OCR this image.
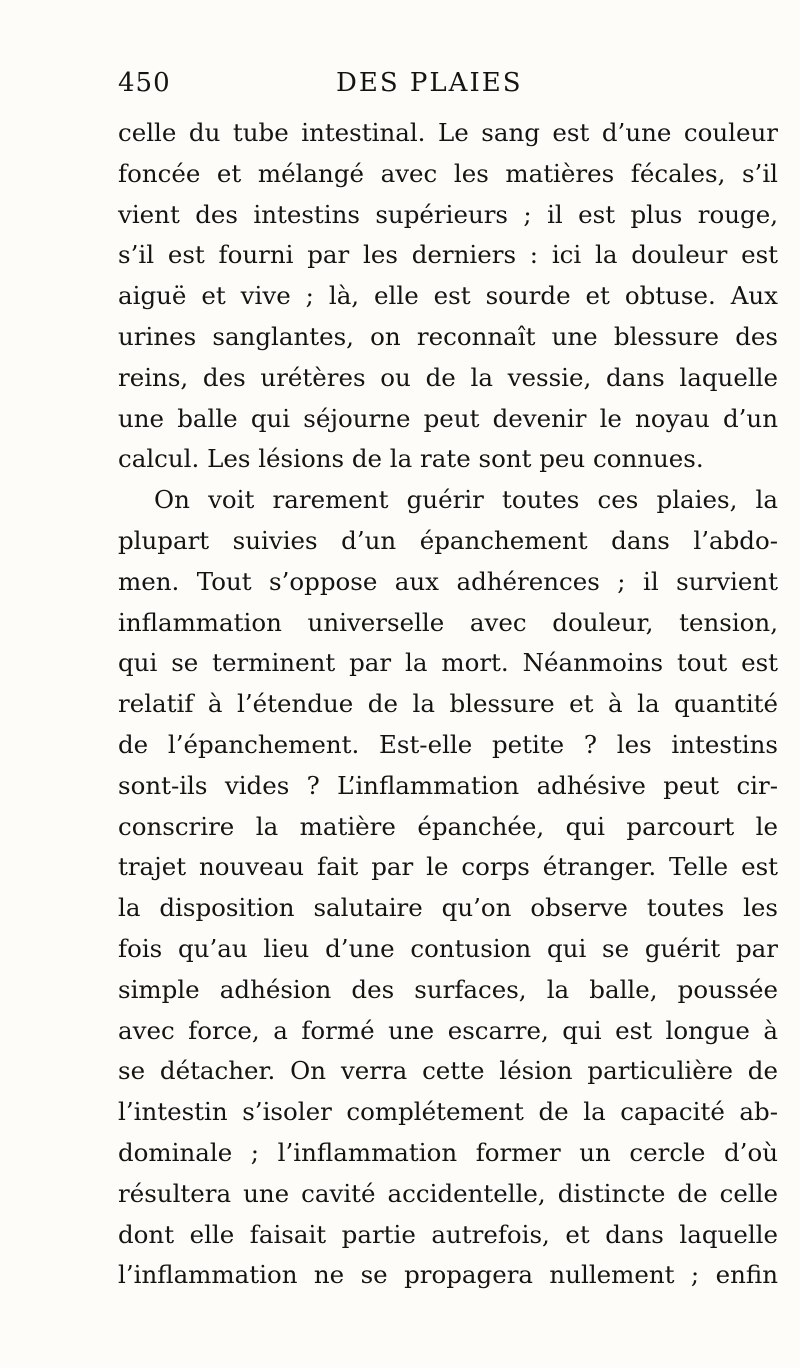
450	DES PLAIES
celle du tube intestinal. Le sang est d’une couleur
foncée et mélangé avec les matières fécales, s’il
vient des intestins supérieurs ; il est plus rouge,
s’il est fourni par les derniers : ici la douleur est
aiguë et vive ; là, elle est sourde et obtuse. Aux
urines sanglantes, on reconnaît une blessure des
reins, des urétères ou de la vessie, dans laquelle
une balle qui séjourne peut devenir le noyau d’un
calcul. Les lésions de la rate sont peu connues.
On voit rarement guérir toutes ces plaies, la
plupart suivies d’un épanchement dans l’abdo-
men. Tout s’oppose aux adhérences ; il survient
inflammation universelle avec douleur, tension,
qui se terminent par la mort. Néanmoins tout est
relatif à l’étendue de la blessure et à la quantité
de l’épanchement. Est-elle petite ? les intestins
sont-ils vides ? L’inflammation adhésive peut cir-
conscrire la matière épanchée, qui parcourt le
trajet nouveau fait par le corps étranger. Telle est
la disposition salutaire qu’on observe toutes les
fois qu’au lieu d’une contusion qui se guérit par
simple adhésion des surfaces, la balle, poussée
avec force, a formé une escarre, qui est longue à
se détacher. On verra cette lésion particulière de
l’intestin s’isoler complétement de la capacité ab-
dominale ; l’inflammation former un cercle d’où
résultera une cavité accidentelle, distincte de celle
dont elle faisait partie autrefois, et dans laquelle
l’inflammation ne se propagera nullement ; enfin
